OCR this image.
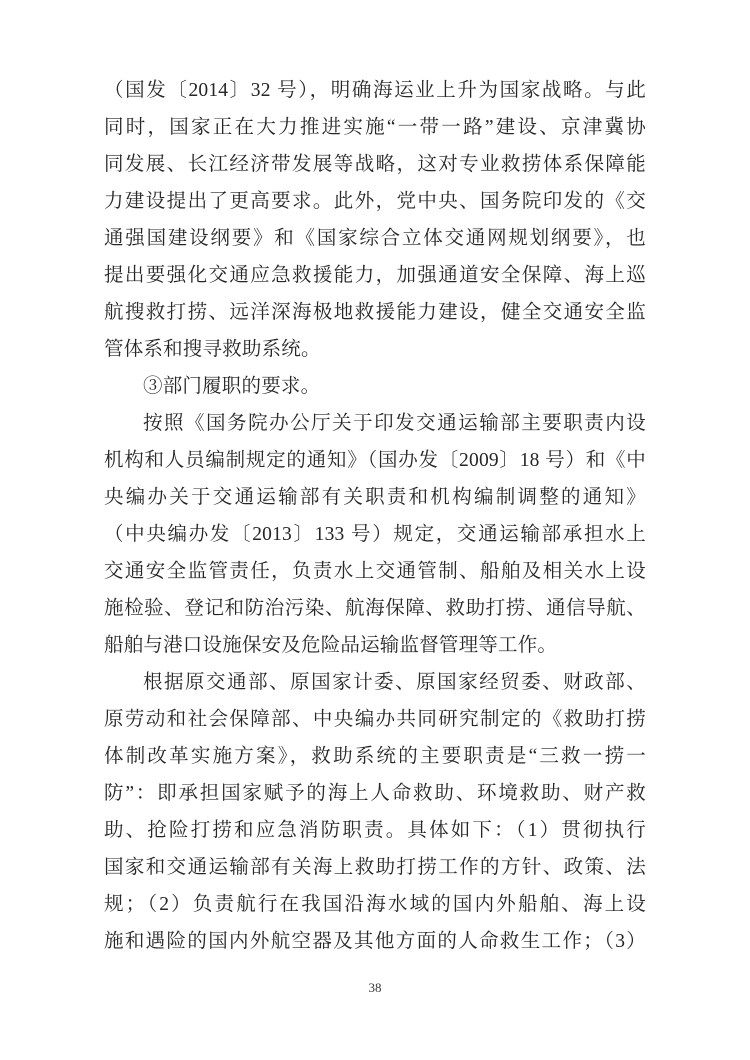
（国发〔2014〕32 号），明确海运业上升为国家战略。与此
同时，国家正在大力推进实施“一带一路”建设、京津冀协
同发展、长江经济带发展等战略，这对专业救捞体系保障能
力建设提出了更高要求。此外，党中央、国务院印发的《交
通强国建设纲要》和《国家综合立体交通网规划纲要》，也
提出要强化交通应急救援能力，加强通道安全保障、海上巡
航搜救打捞、远洋深海极地救援能力建设，健全交通安全监
管体系和搜寻救助系统。
③部门履职的要求。
按照《国务院办公厅关于印发交通运输部主要职责内设
机构和人员编制规定的通知》（国办发〔2009〕18 号）和《中
央编办关于交通运输部有关职责和机构编制调整的通知》
（中央编办发〔2013〕133 号）规定，交通运输部承担水上
交通安全监管责任，负责水上交通管制、船舶及相关水上设
施检验、登记和防治污染、航海保障、救助打捞、通信导航、
船舶与港口设施保安及危险品运输监督管理等工作。
根据原交通部、原国家计委、原国家经贸委、财政部、
原劳动和社会保障部、中央编办共同研究制定的《救助打捞
体制改革实施方案》，救助系统的主要职责是“三救一捞一
防”：即承担国家赋予的海上人命救助、环境救助、财产救
助、抢险打捞和应急消防职责。具体如下：（1）贯彻执行
国家和交通运输部有关海上救助打捞工作的方针、政策、法
规；（2）负责航行在我国沿海水域的国内外船舶、海上设
施和遇险的国内外航空器及其他方面的人命救生工作；（3）
38
